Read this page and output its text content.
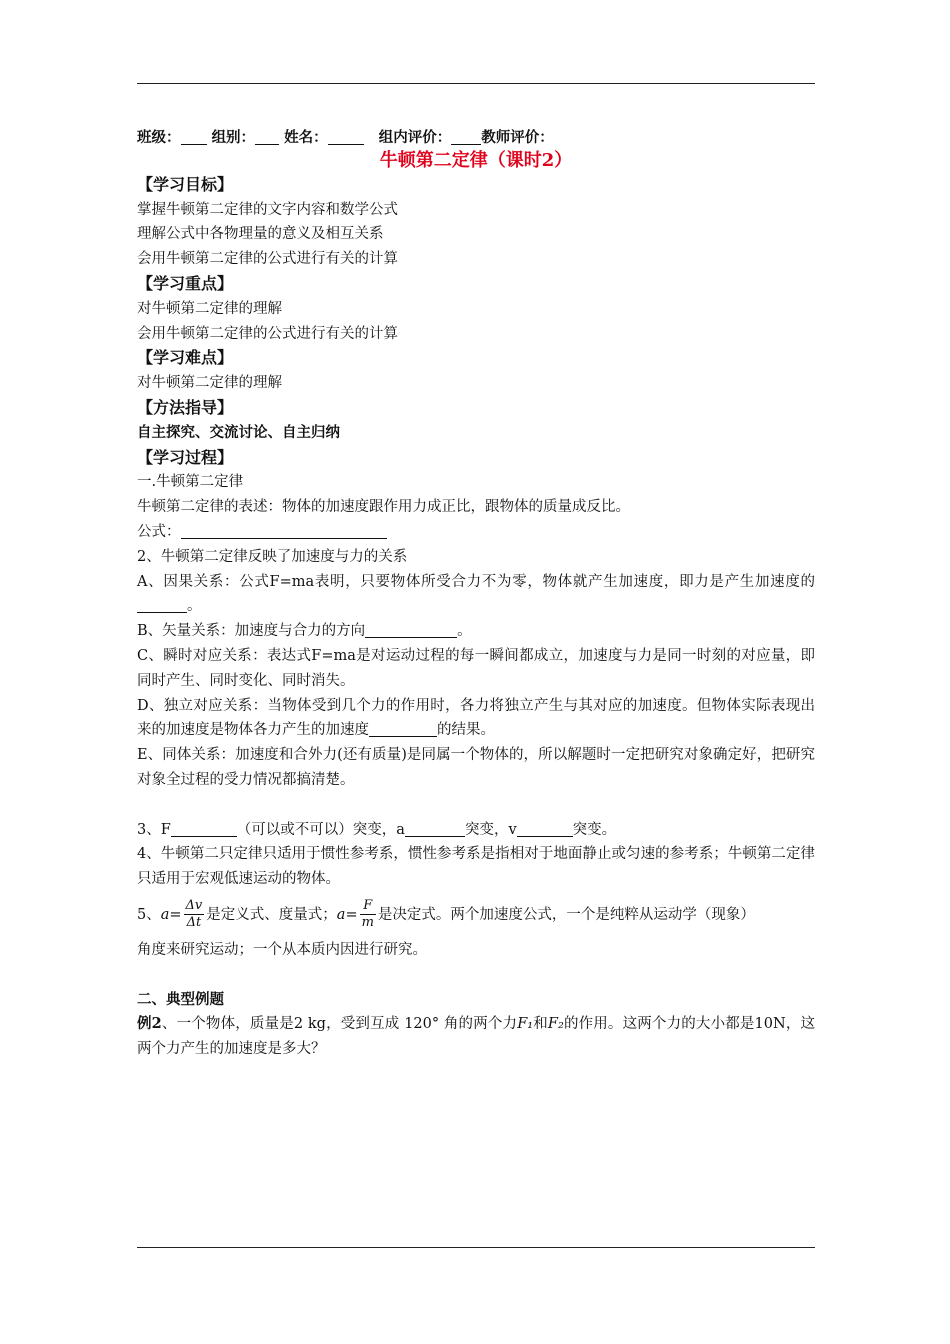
班级： 组别： 姓名：	组内评价： 教师评价：
牛顿第二定律（课时2）
【学习目标】
掌握牛顿第二定律的文字内容和数学公式
理解公式中各物理量的意义及相互关系
会用牛顿第二定律的公式进行有关的计算
【学习重点】
对牛顿第二定律的理解
会用牛顿第二定律的公式进行有关的计算
【学习难点】
对牛顿第二定律的理解
【方法指导】
自主探究、交流讨论、自主归纳
【学习过程】
一.牛顿第二定律
牛顿第二定律的表述：物体的加速度跟作用力成正比，跟物体的质量成反比。
公式：
2、牛顿第二定律反映了加速度与力的关系
A、因果关系：公式F=ma表明，只要物体所受合力不为零，物体就产生加速度，即力是产生加速度的。
B、矢量关系：加速度与合力的方向	。
C、瞬时对应关系：表达式F=ma是对运动过程的每一瞬间都成立，加速度与力是同一时刻的对应量，即同时产生、同时变化、同时消失。
D、独立对应关系：当物体受到几个力的作用时，各力将独立产生与其对应的加速度。但物体实际表现出来的加速度是物体各力产生的加速度	的结果。
E、同体关系：加速度和合外力(还有质量)是同属一个物体的，所以解题时一定把研究对象确定好，把研究对象全过程的受力情况都搞清楚。
3、F	（可以或不可以）突变，a	突变，v	突变。
4、牛顿第二只定律只适用于惯性参考系，惯性参考系是指相对于地面静止或匀速的参考系；牛顿第二定律只适用于宏观低速运动的物体。
5、$a= \frac{\Delta v}{\Delta t}$ 是定义式、度量式；$a= \frac{F}{m}$ 是决定式。两个加速度公式，一个是纯粹从运动学（现象）
角度来研究运动；一个从本质内因进行研究。
二、典型例题
例2、一个物体，质量是2 kg，受到互成 120° 角的两个力F₁和F₂的作用。这两个力的大小都是10N，这两个力产生的加速度是多大？
